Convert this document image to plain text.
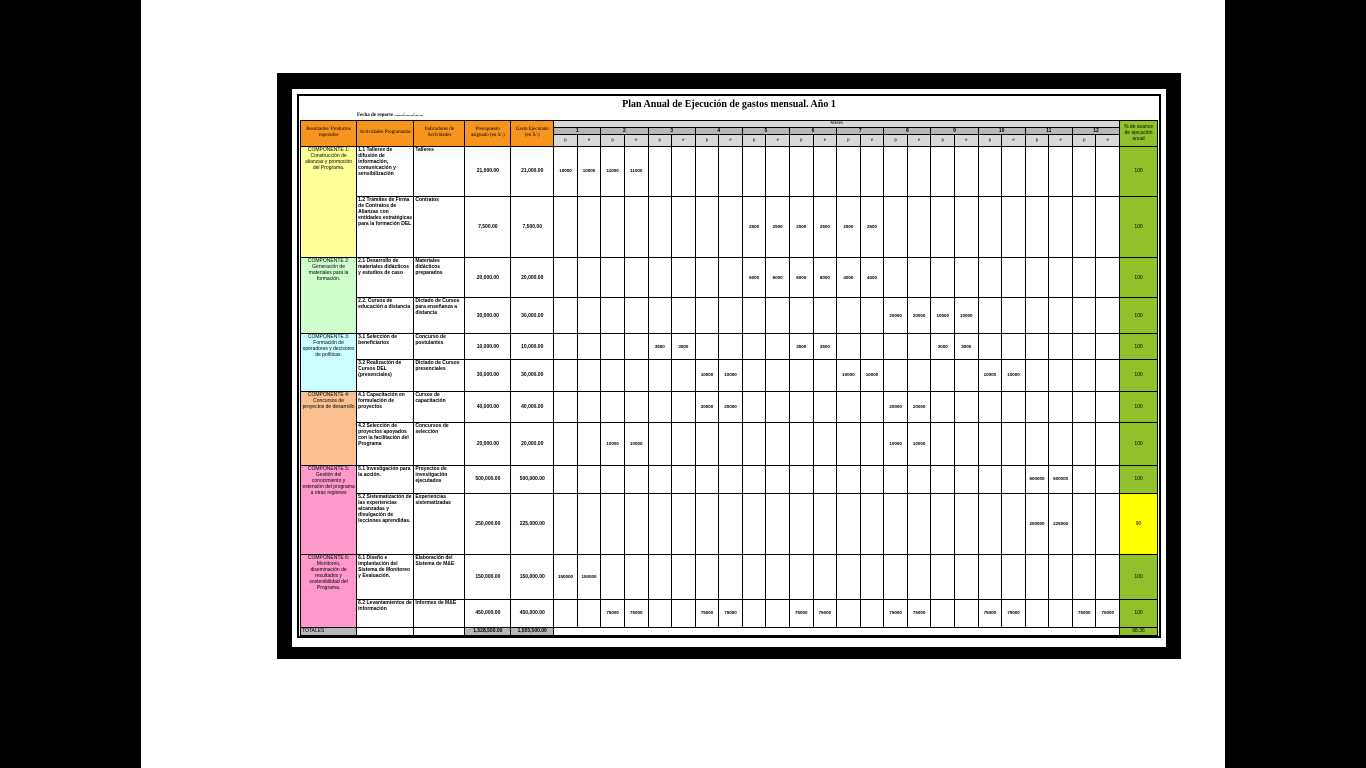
Plan Anual de Ejecución de gastos mensual. Año 1
Fecha de reporte ......./......./.......
Resultados/ Productos esperados	Actividades Programadas	Indicadores de Actividades	Presupuesto asignado (en S/.)	Gasto Ejecutado (en S/.)	Meses																								% de avance de ejecución anual
					1		2		3		4		5		6		7		8		9		10		11		12		
					p	e	p	e	p	e	p	e	p	e	p	e	p	e	p	e	p	e	p	e	p	e	p	e	
COMPONENTE 1: Construcción de alianzas y promoción del Programa.	1.1 Talleres de difusión de información, comunicación y sensibilización	Talleres	21,000.00	21,000.00	10000	10000	11000	11000																					100
	1.2 Trámites de Firma de Contratos de Alianzas con entidades estratégicas para la formación DEL	Contratos	7,500.00	7,500.00									2500	2500	2500	2500	2500	2500											100
COMPONENTE 2: Generación de materiales para la formación.	2.1 Desarrollo de materiales didácticos y estudios de caso	Materiales didácticos preparados	20,000.00	20,000.00									6000	6000	6000	6000	4000	4000											100
	2.2. Cursos de educación a distancia	Dictado de Cursos para enseñanza a distancia	30,000.00	30,000.00															20000	20000	10000	10000							100
COMPONENTE 3: Formación de operadores y decisores de políticas.	3.1 Selección de beneficiarios	Concurso de postulantes	10,000.00	10,000.00					3500	3500					3500	3500					3000	3000							100
	3.2 Realización de Cursos DEL (presenciales)	Dictado de Cursos presenciales	30,000.00	30,000.00							10000	10000					10000	10000					10000	10000					100
COMPONENTE 4: Concursos de proyectos de desarrollo	4.1 Capacitación en formulación de proyectos	Cursos de capacitación	40,000.00	40,000.00							20000	20000							20000	20000									100
	4.2 Selección de proyectos apoyados con la facilitación del Programa	Concursos de selección	20,000.00	20,000.00			10000	10000											10000	10000									100
COMPONENTE 5: Gestión del conocimiento y extensión del programa a otras regiones	5.1 Investigación para la acción.	Proyectos de investigación ejecutados	500,000.00	500,000.00																					500000	500000			100
	5.2 Sistematización de las experiencias alcanzadas y divulgación de lecciones aprendidas.	Experiencias sistematizadas	250,000.00	225,000.00																					250000	225000			90
COMPONENTE 6: Monitoreo, diseminación de resultados y sostenibilidad del Programa.	6.1 Diseño e implantación del Sistema de Monitoreo y Evaluación.	Elaboración del Sistema de M&E	150,000.00	150,000.00	150000	150000																							100
	6.2 Levantamientos de información	Informes de M&E	450,000.00	450,000.00			75000	75000			75000	75000			75000	75000			75000	75000			75000	75000			75000	75000	100
TOTALES			1,528,500.00	1,503,500.00																									98.36
